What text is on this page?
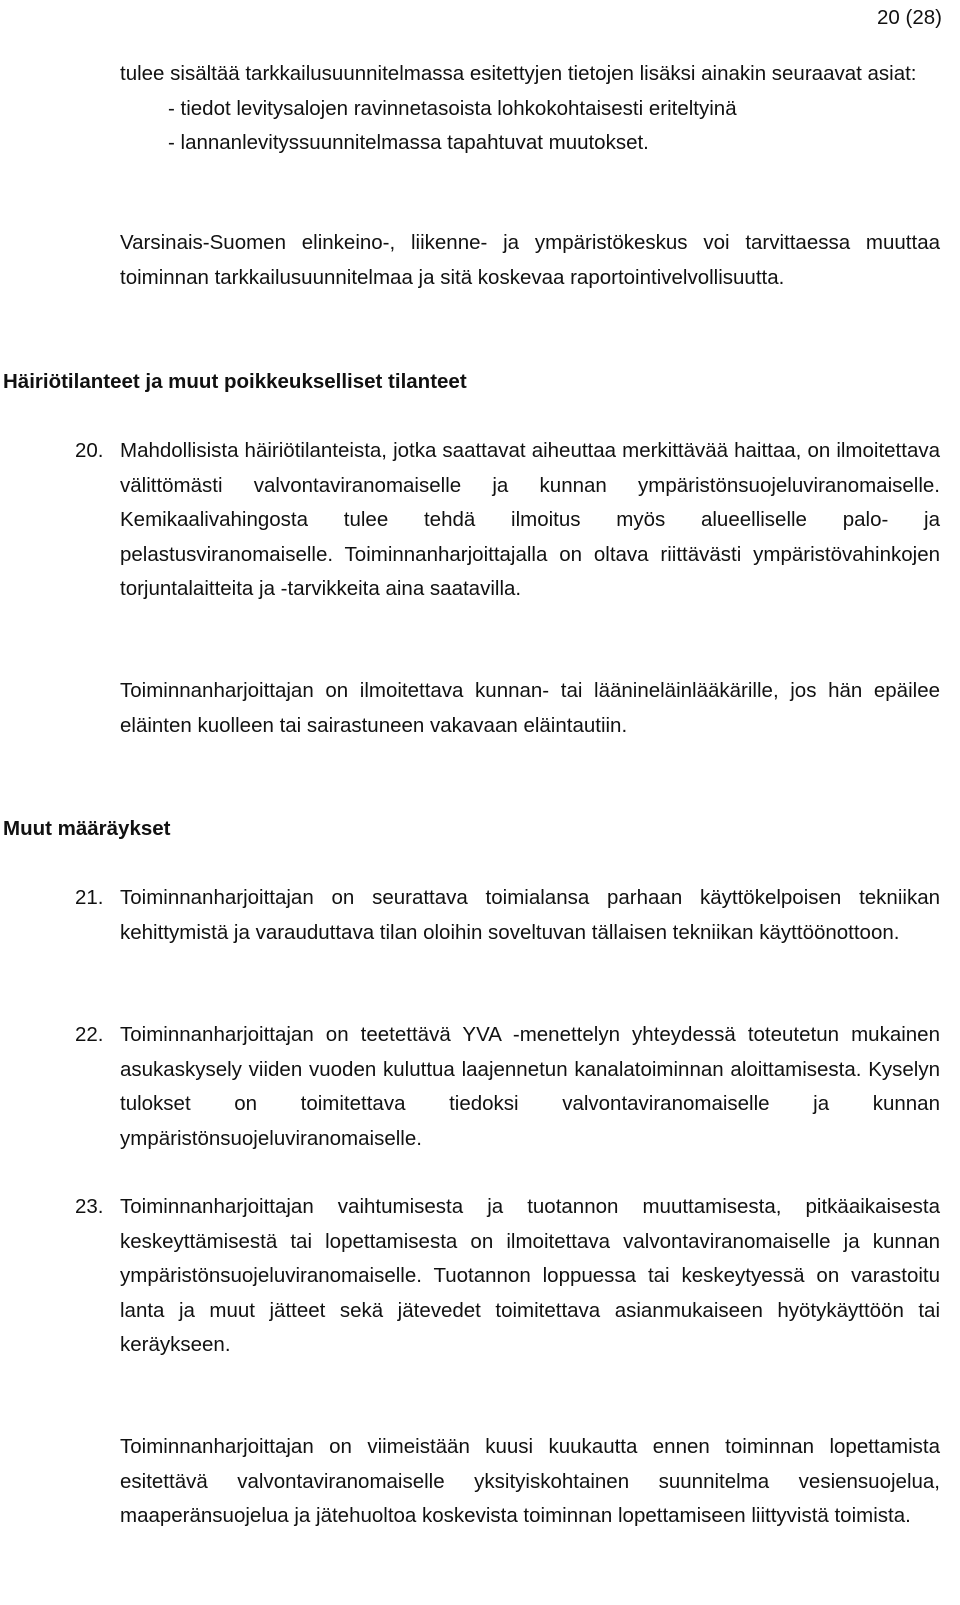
20 (28)

tulee sisältää tarkkailusuunnitelmassa esitettyjen tietojen lisäksi ainakin seuraavat asiat:

- tiedot levitysalojen ravinnetasoista lohkokohtaisesti eriteltyinä
- lannanlevityssuunnitelmassa tapahtuvat muutokset.
Varsinais-Suomen elinkeino-, liikenne- ja ympäristökeskus voi tarvittaessa muuttaa toiminnan tarkkailusuunnitelmaa ja sitä koskevaa raportointivelvollisuutta.
Häiriötilanteet ja muut poikkeukselliset tilanteet
20. Mahdollisista häiriötilanteista, jotka saattavat aiheuttaa merkittävää haittaa, on ilmoitettava välittömästi valvontaviranomaiselle ja kunnan ympäristönsuojeluviranomaiselle. Kemikaalivahingosta tulee tehdä ilmoitus myös alueelliselle palo- ja pelastusviranomaiselle. Toiminnanharjoittajalla on oltava riittävästi ympäristövahinkojen torjuntalaitteita ja -tarvikkeita aina saatavilla.
Toiminnanharjoittajan on ilmoitettava kunnan- tai läänineläinlääkärille, jos hän epäilee eläinten kuolleen tai sairastuneen vakavaan eläintautiin.
Muut määräykset
21. Toiminnanharjoittajan on seurattava toimialansa parhaan käyttökelpoisen tekniikan kehittymistä ja varauduttava tilan oloihin soveltuvan tällaisen tekniikan käyttöönottoon.
22. Toiminnanharjoittajan on teetettävä YVA -menettelyn yhteydessä toteutetun mukainen asukaskysely viiden vuoden kuluttua laajennetun kanalatoiminnan aloittamisesta. Kyselyn tulokset on toimitettava tiedoksi valvontaviranomaiselle ja kunnan ympäristönsuojeluviranomaiselle.
23. Toiminnanharjoittajan vaihtumisesta ja tuotannon muuttamisesta, pitkäaikaisesta keskeyttämisestä tai lopettamisesta on ilmoitettava valvontaviranomaiselle ja kunnan ympäristönsuojeluviranomaiselle. Tuotannon loppuessa tai keskeytyessä on varastoitu lanta ja muut jätteet sekä jätevedet toimitettava asianmukaiseen hyötykäyttöön tai keräykseen.
Toiminnanharjoittajan on viimeistään kuusi kuukautta ennen toiminnan lopettamista esitettävä valvontaviranomaiselle yksityiskohtainen suunnitelma vesiensuojelua, maaperänsuojelua ja jätehuoltoa koskevista toiminnan lopettamiseen liittyvistä toimista.
